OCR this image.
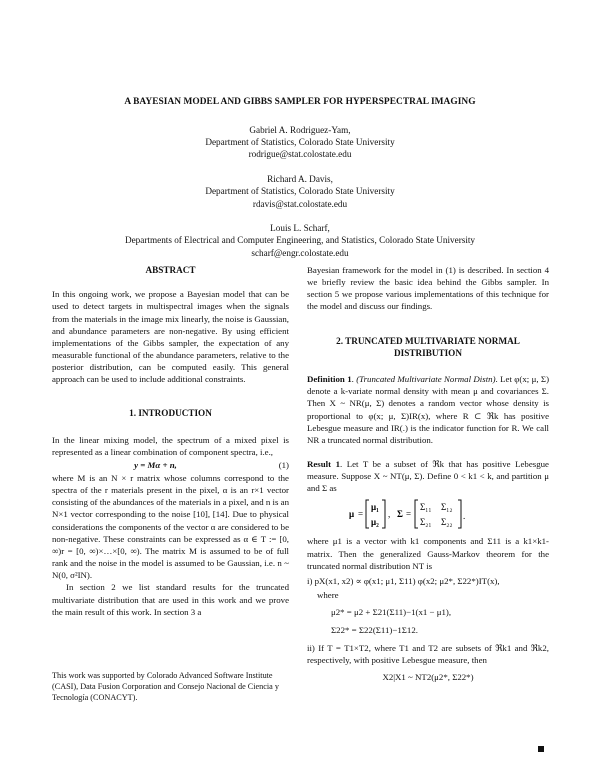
A BAYESIAN MODEL AND GIBBS SAMPLER FOR HYPERSPECTRAL IMAGING
Gabriel A. Rodriguez-Yam,
Department of Statistics, Colorado State University
rodrigue@stat.colostate.edu
Richard A. Davis,
Department of Statistics, Colorado State University
rdavis@stat.colostate.edu
Louis L. Scharf,
Departments of Electrical and Computer Engineering, and Statistics, Colorado State University
scharf@engr.colostate.edu
ABSTRACT

In this ongoing work, we propose a Bayesian model that can be used to detect targets in multispectral images when the signals from the materials in the image mix linearly, the noise is Gaussian, and abundance parameters are non-negative. By using efficient implementations of the Gibbs sampler, the expectation of any measurable functional of the abundance parameters, relative to the posterior distribution, can be computed easily. This general approach can be used to include additional constraints.

1. INTRODUCTION

In the linear mixing model, the spectrum of a mixed pixel is represented as a linear combination of component spectra, i.e.,

y = Mα + n,	(1)

where M is an N × r matrix whose columns correspond to the spectra of the r materials present in the pixel, α is an r×1 vector consisting of the abundances of the materials in a pixel, and n is an N×1 vector corresponding to the noise [10], [14]. Due to physical considerations the components of the vector α are considered to be non-negative. These constraints can be expressed as α ∈ T := [0, ∞)r = [0, ∞)×…×[0, ∞). The matrix M is assumed to be of full rank and the noise in the model is assumed to be Gaussian, i.e. n ~ N(0, σ²IN).

In section 2 we list standard results for the truncated multivariate distribution that are used in this work and we prove the main result of this work. In section 3 a

This work was supported by Colorado Advanced Software Institute (CASI), Data Fusion Corporation and Consejo Nacional de Ciencia y Tecnología (CONACYT).

Bayesian framework for the model in (1) is described. In section 4 we briefly review the basic idea behind the Gibbs sampler. In section 5 we propose various implementations of this technique for the model and discuss our findings.

2. TRUNCATED MULTIVARIATE NORMAL
DISTRIBUTION

Definition 1. (Truncated Multivariate Normal Distn). Let φ(x; μ, Σ) denote a k-variate normal density with mean μ and covariances Σ. Then X ~ NR(μ, Σ) denotes a random vector whose density is proportional to φ(x; μ, Σ)IR(x), where R ⊂ ℜk has positive Lebesgue measure and IR(.) is the indicator function for R. We call NR a truncated normal distribution.

Result 1. Let T be a subset of ℜk that has positive Lebesgue measure. Suppose X ~ NT(μ, Σ). Define 0 < k1 < k, and partition μ and Σ as

μ =
μ₁
μ₂
, Σ =
Σ₁₁ Σ₁₂
Σ₂₁ Σ₂₂
.

where μ1 is a vector with k1 components and Σ11 is a k1×k1-matrix. Then the generalized Gauss-Markov theorem for the truncated normal distribution NT is

i) pX(x1, x2) ∝ φ(x1; μ1, Σ11) φ(x2; μ2*, Σ22*)IT(x),
where
μ2* = μ2 + Σ21(Σ11)−1(x1 − μ1),
Σ22* = Σ22(Σ11)−1Σ12.

ii) If T = T1×T2, where T1 and T2 are subsets of ℜk1 and ℜk2, respectively, with positive Lebesgue measure, then

X2|X1 ~ NT2(μ2*, Σ22*)
